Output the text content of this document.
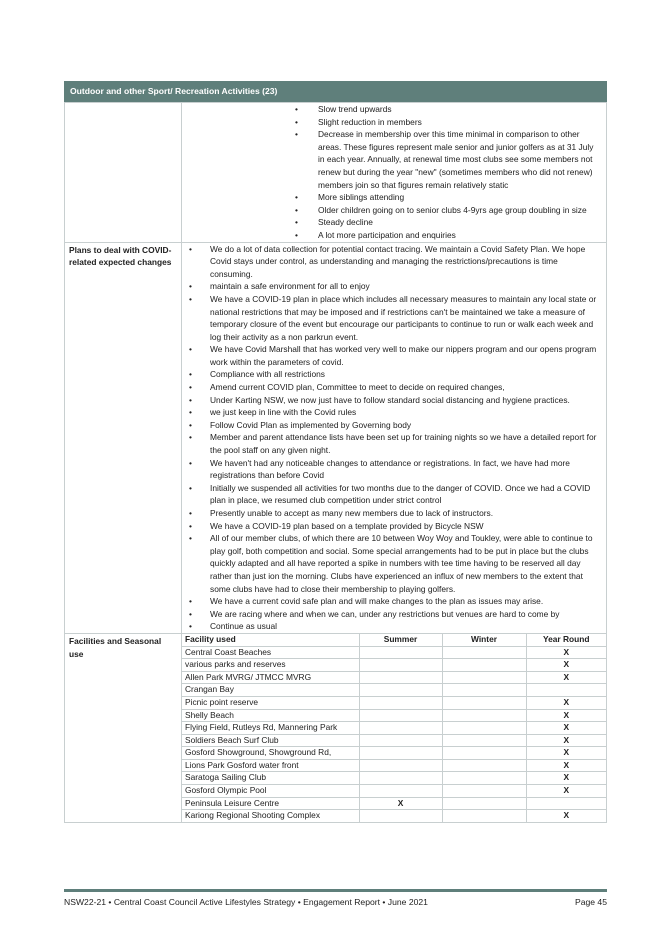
Outdoor and other Sport/ Recreation Activities (23)

• Slow trend upwards
• Slight reduction in members
• Decrease in membership over this time minimal in comparison to other areas. These figures represent male senior and junior golfers as at 31 July in each year. Annually, at renewal time most clubs see some members not renew but during the year "new" (sometimes members who did not renew) members join so that figures remain relatively static
• More siblings attending
• Older children going on to senior clubs 4-9yrs age group doubling in size
• Steady decline
• A lot more participation and enquiries

Plans to deal with COVID-related expected changes	
• We do a lot of data collection for potential contact tracing. We maintain a Covid Safety Plan. We hope Covid stays under control, as understanding and managing the restrictions/precautions is time consuming.
• maintain a safe environment for all to enjoy
• We have a COVID-19 plan in place which includes all necessary measures to maintain any local state or national restrictions that may be imposed and if restrictions can't be maintained we take a measure of temporary closure of the event but encourage our participants to continue to run or walk each week and log their activity as a non parkrun event.
• We have Covid Marshall that has worked very well to make our nippers program and our opens program work within the parameters of covid.
• Compliance with all restrictions
• Amend current COVID plan, Committee to meet to decide on required changes,
• Under Karting NSW, we now just have to follow standard social distancing and hygiene practices.
• we just keep in line with the Covid rules
• Follow Covid Plan as implemented by Governing body
• Member and parent attendance lists have been set up for training nights so we have a detailed report for the pool staff on any given night.
• We haven't had any noticeable changes to attendance or registrations. In fact, we have had more registrations than before Covid
• Initially we suspended all activities for two months due to the danger of COVID. Once we had a COVID plan in place, we resumed club competition under strict control
• Presently unable to accept as many new members due to lack of instructors.
• We have a COVID-19 plan based on a template provided by Bicycle NSW
• All of our member clubs, of which there are 10 between Woy Woy and Toukley, were able to continue to play golf, both competition and social. Some special arrangements had to be put in place but the clubs quickly adapted and all have reported a spike in numbers with tee time having to be reserved all day rather than just ion the morning. Clubs have experienced an influx of new members to the extent that some clubs have had to close their membership to playing golfers.
• We have a current covid safe plan and will make changes to the plan as issues may arise.
• We are racing where and when we can, under any restrictions but venues are hard to come by
• Continue as usual

Facilities and Seasonal use	
Facility used	Summer	Winter	Year Round
Central Coast Beaches			X
various parks and reserves			X
Allen Park MVRG/ JTMCC MVRG			X
Crangan Bay			
Picnic point reserve			X
Shelly Beach			X
Flying Field, Rutleys Rd, Mannering Park			X
Soldiers Beach Surf Club			X
Gosford Showground, Showground Rd,			X
Lions Park Gosford water front			X
Saratoga Sailing Club			X
Gosford Olympic Pool			X
Peninsula Leisure Centre	X		
Kariong Regional Shooting Complex			X
NSW22-21 • Central Coast Council Active Lifestyles Strategy • Engagement Report • June 2021	Page 45
